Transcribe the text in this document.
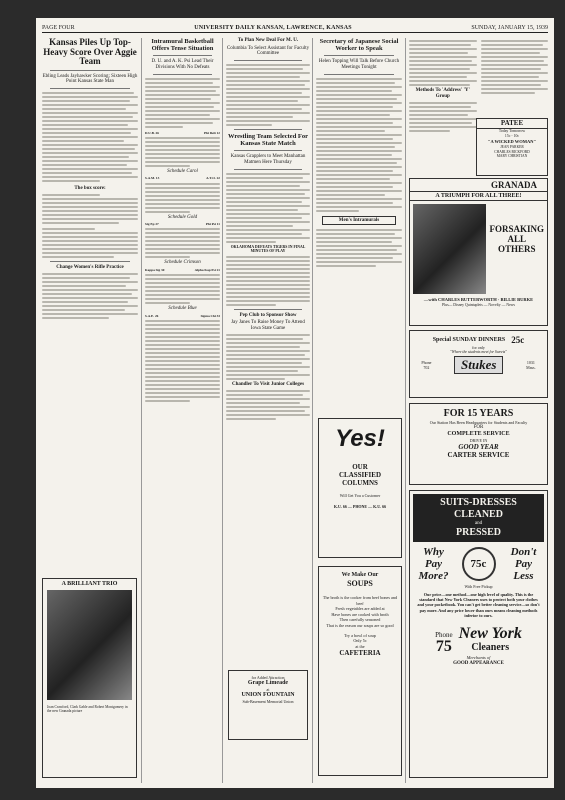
PAGE FOUR	UNIVERSITY DAILY KANSAN, LAWRENCE, KANSAS	SUNDAY, JANUARY 15, 1939
Kansas Piles Up Top-Heavy Score Over Aggie Team
Ebling Leads Jayhawker Scoring; Sixteen High Point Kansas State Man
The box score:
Change Women's Rifle Practice
A BRILLIANT TRIO
Joan Crawford, Clark Gable and Robert Montgomery in the new Granada picture
Intramural Basketball Offers Tense Situation
D. U. and A. K. Psi Lead Their Divisions With No Defeats
D.U.B. 26	Phi Delt 12
Schedule Carol
S.A.M. 13	A.T.O. 22
Schedule Gold
Sig Ep 27	Phi Psi 11
Schedule Crimson
Kappa Sig 30	Alpha Kap Psi 21
Schedule Blue
S.A.E. 26	Sigma Chi 33
To Plan New Deal For M. U.
Columbia To Select Assistant for Faculty Committee
Wrestling Team Selected For Kansas State Match
Kansas Grapplers to Meet Manhattan Matmen Here Thursday
OKLAHOMA DEFEATS TIGERS IN FINAL MINUTES OF PLAY
Pep Club to Sponsor Show
Jay Janes To Raise Money To Attend Iowa State Game
Chandler To Visit Junior Colleges
for Added Attraction
Grape Limeade
at
UNION FOUNTAIN
Sub-Basement Memorial Union
Secretary of Japanese Social Worker to Speak
Helen Topping Will Talk Before Church Meetings Tonight
Men's Intramurals
Yes!
OUR
CLASSIFIED
COLUMNS
Will Get You a Customer
K.U. 66 — PHONE — K.U. 66
We Make Our
SOUPS
The broth is the cooker from beef bones and beef
Fresh vegetables are added at
Have bones are cooked with broth
Then carefully seasoned
That is the reason our soups are so good
Try a bowl of soup
Only 5c
at the
CAFETERIA
Methods To 'Address' 'Y' Group
PATEE
Today Tomorrow
15c - 10c
"A WICKED WOMAN"
JEAN PARKER
CHARLES BICKFORD
MARY CHRISTIAN
GRANADA
A TRIUMPH FOR ALL THREE!
FORSAKING ALL OTHERS
—with CHARLES BUTTERWORTH · BILLIE BURKE
Plus— Disney Quintuplets — Novelty — News
Special SUNDAY DINNERS 25c
for only
"Where the students meet for Sweets"
Phone
702	Stukes	1031
Mass.
FOR 15 YEARS
Our Station Has Been Headquarters for Students and Faculty
FOR
COMPLETE SERVICE
DRIVE IN
GOOD YEAR
CARTER SERVICE
SUITS-DRESSES
CLEANED
and
PRESSED
Why Pay More?
75c
Don't Pay Less
With Free Pickup
Our price—one method—one high level of quality. This is the standard that New York Cleaners uses to protect both your clothes and your pocketbook. You can't get better cleaning service—so don't pay more. And any price lower than ours means cleaning methods inferior to ours.
Phone
75
New York
Cleaners
Merchants of
GOOD APPEARANCE
